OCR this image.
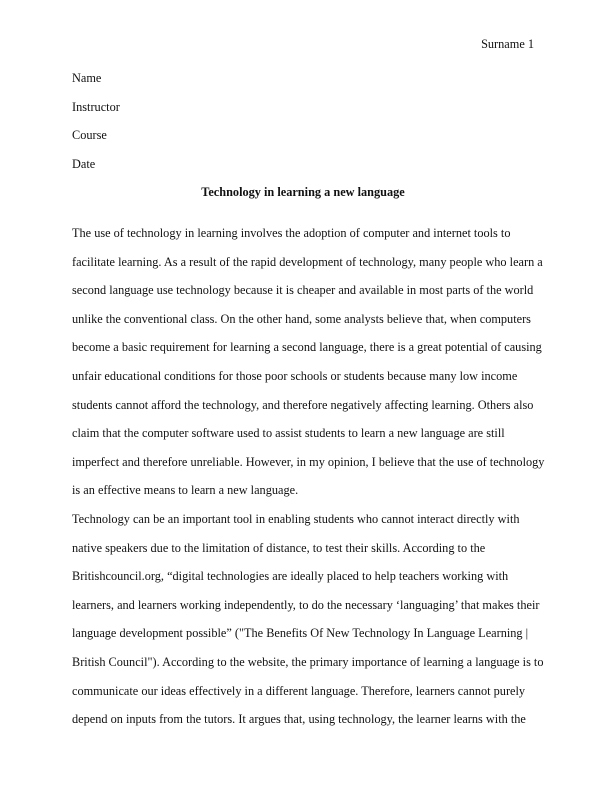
Surname 1
Name
Instructor
Course
Date
Technology in learning a new language
The use of technology in learning involves the adoption of computer and internet tools to
facilitate learning. As a result of the rapid development of technology, many people who learn a
second language use technology because it is cheaper and available in most parts of the world
unlike the conventional class. On the other hand, some analysts believe that, when computers
become a basic requirement for learning a second language, there is a great potential of causing
unfair educational conditions for those poor schools or students because many low income
students cannot afford the technology, and therefore negatively affecting learning. Others also
claim that the computer software used to assist students to learn a new language are still
imperfect and therefore unreliable. However, in my opinion, I believe that the use of technology
is an effective means to learn a new language.
Technology can be an important tool in enabling students who cannot interact directly with
native speakers due to the limitation of distance, to test their skills. According to the
Britishcouncil.org, “digital technologies are ideally placed to help teachers working with
learners, and learners working independently, to do the necessary ‘languaging’ that makes their
language development possible” ("The Benefits Of New Technology In Language Learning |
British Council"). According to the website, the primary importance of learning a language is to
communicate our ideas effectively in a different language. Therefore, learners cannot purely
depend on inputs from the tutors. It argues that, using technology, the learner learns with the
